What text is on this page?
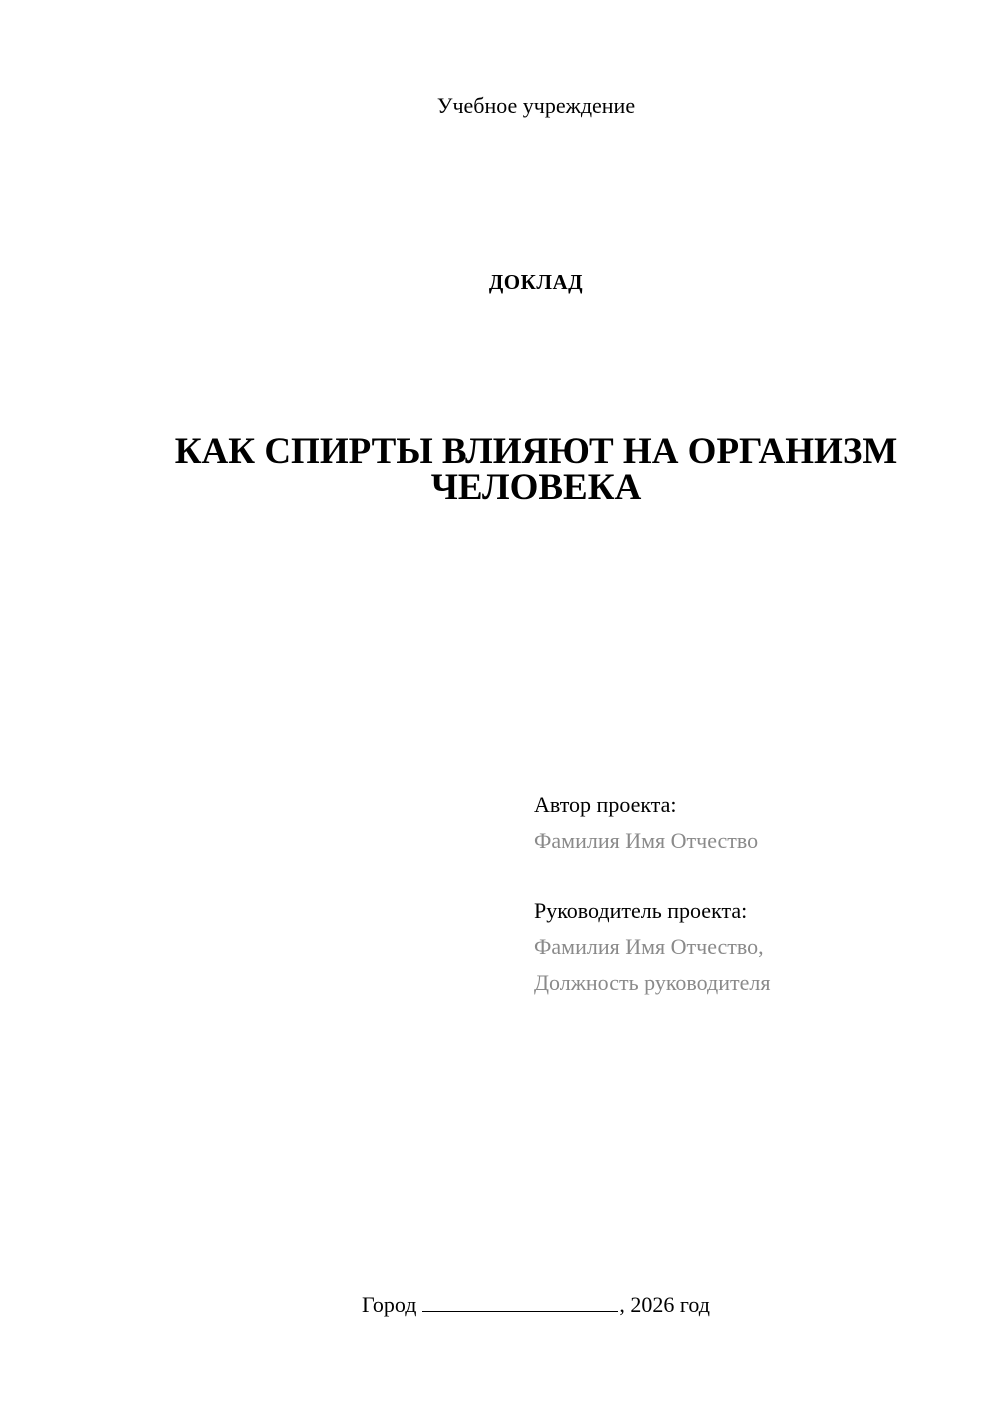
Учебное учреждение
ДОКЛАД
КАК СПИРТЫ ВЛИЯЮТ НА ОРГАНИЗМ
ЧЕЛОВЕКА
Автор проекта:
Фамилия Имя Отчество
Руководитель проекта:
Фамилия Имя Отчество,
Должность руководителя
Город	, 2026 год
